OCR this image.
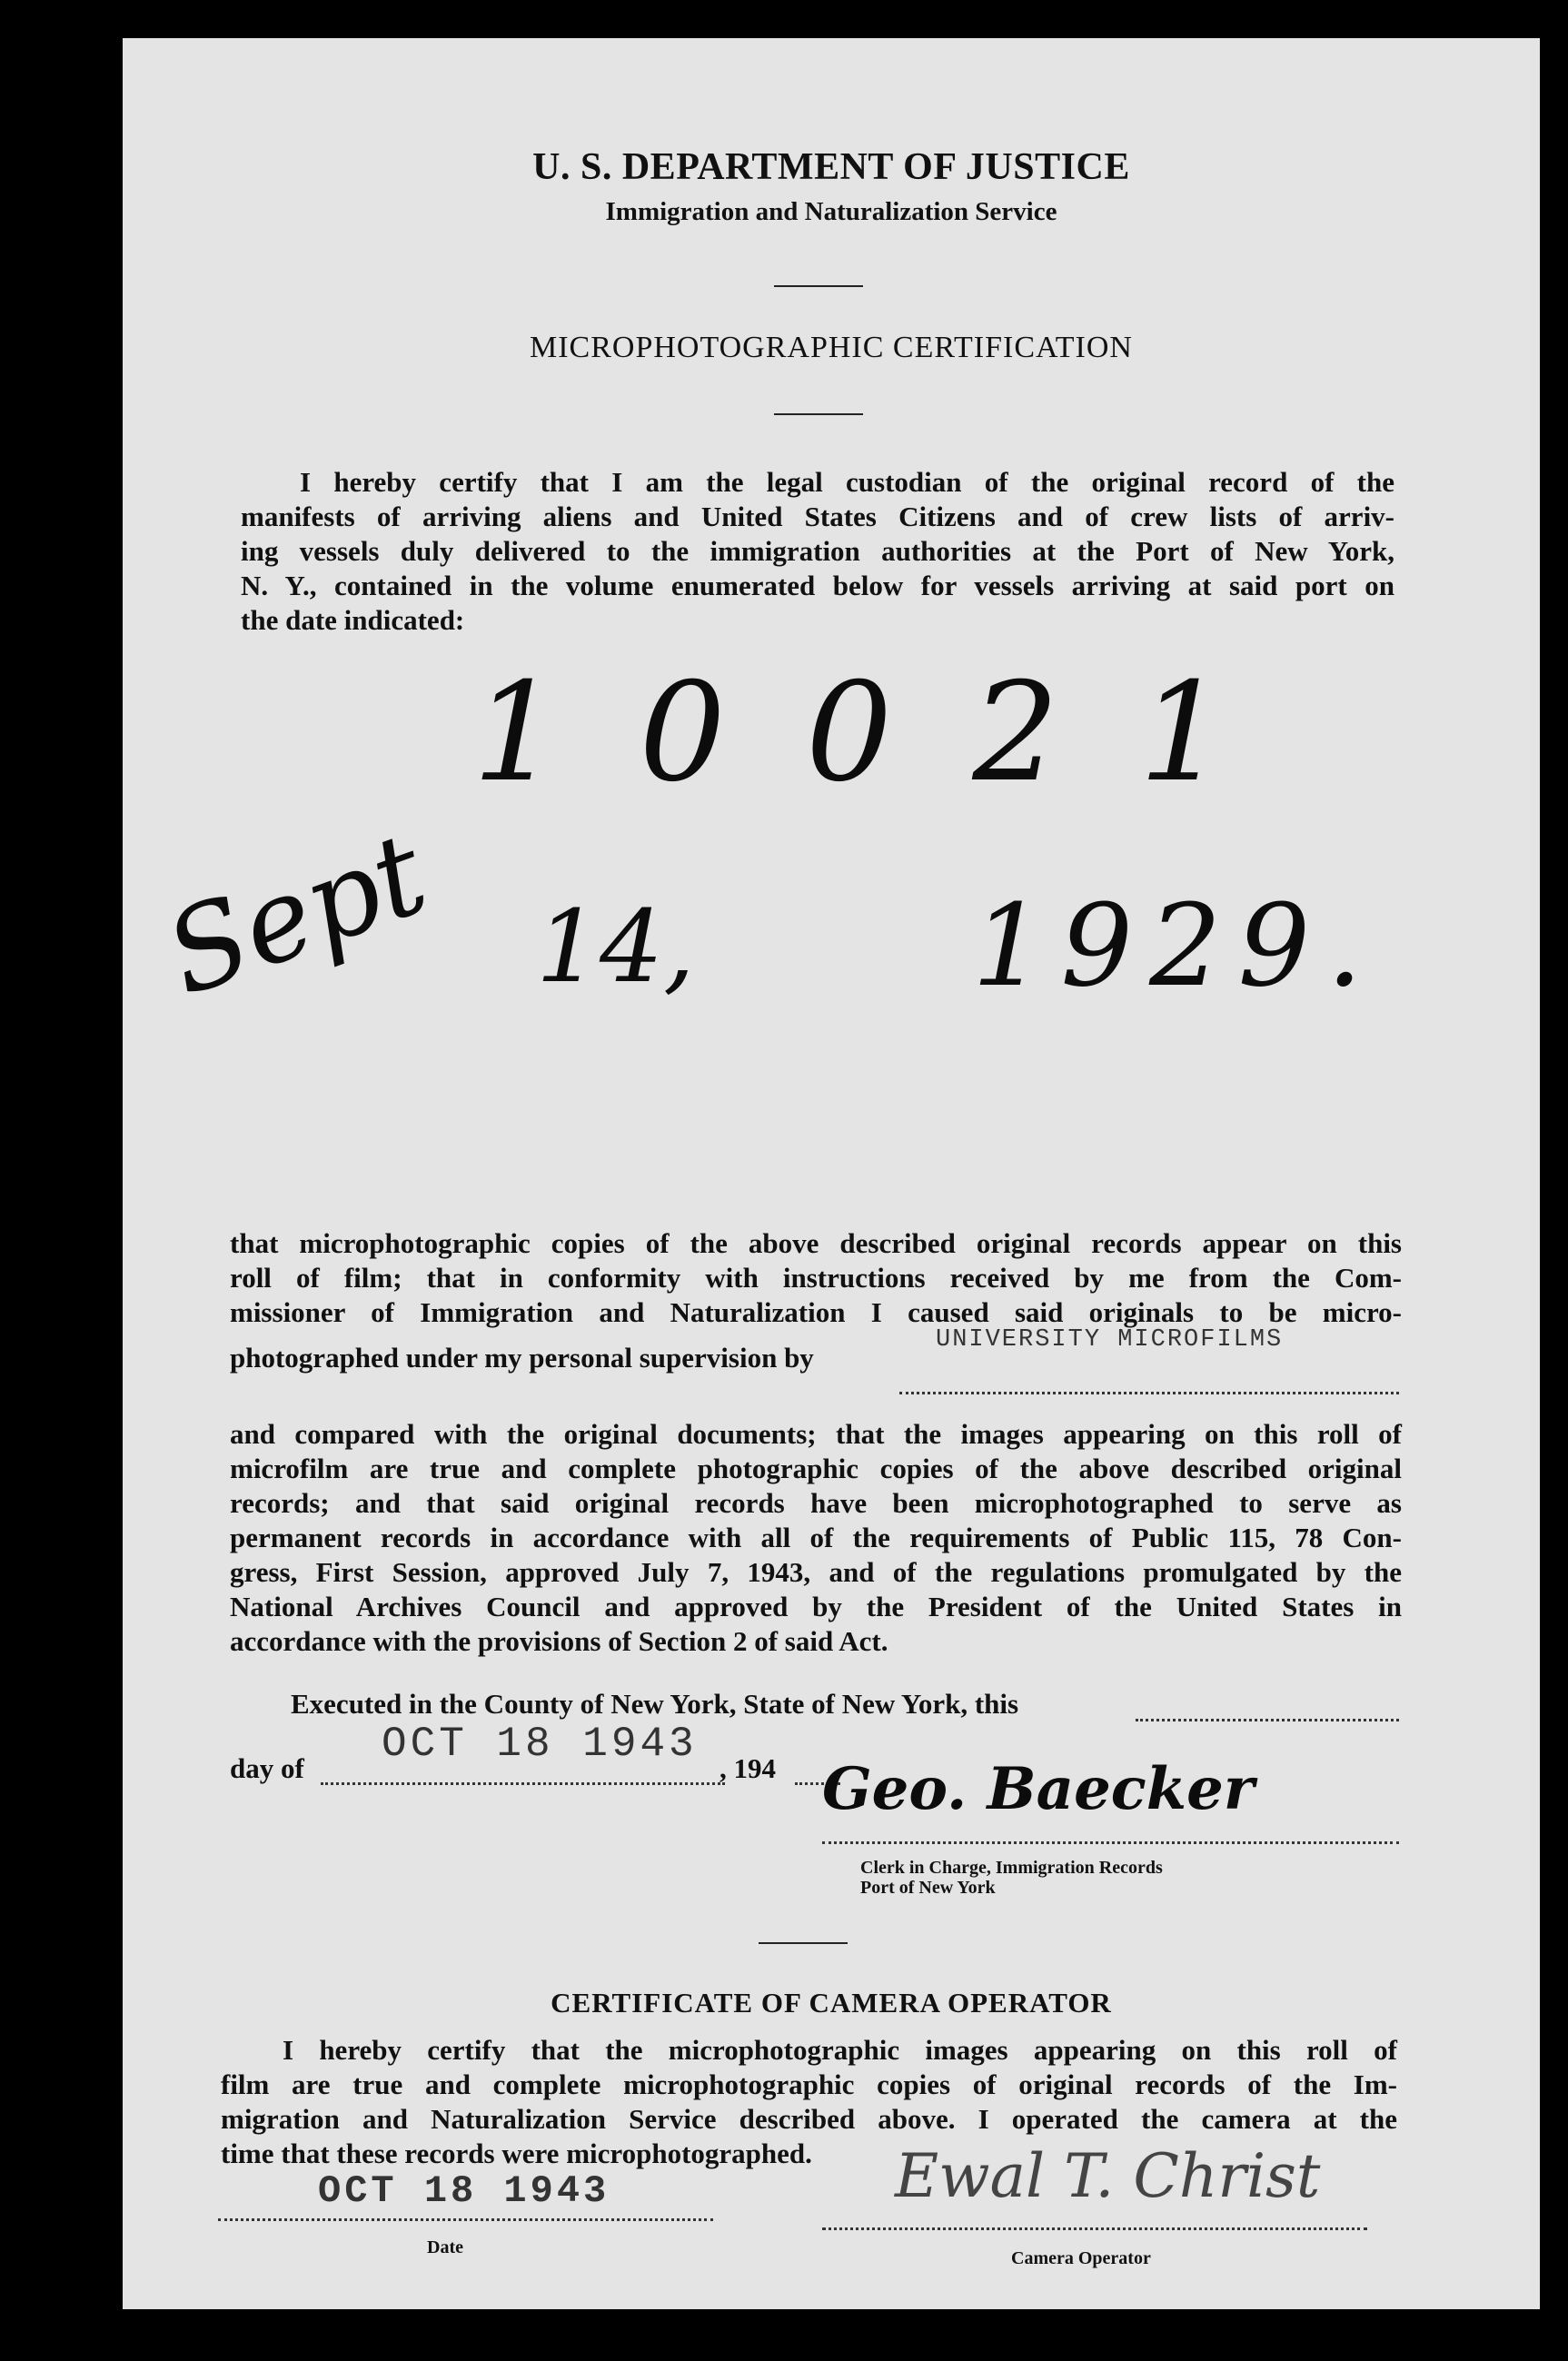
U. S. DEPARTMENT OF JUSTICE
Immigration and Naturalization Service
MICROPHOTOGRAPHIC CERTIFICATION
I hereby certify that I am the legal custodian of the original record of the
manifests of arriving aliens and United States Citizens and of crew lists of arriv-
ing vessels duly delivered to the immigration authorities at the Port of New York,
N. Y., contained in the volume enumerated below for vessels arriving at said port on
the date indicated:
10021
Sept 14, 1929.
that microphotographic copies of the above described original records appear on this
roll of film; that in conformity with instructions received by me from the Com-
missioner of Immigration and Naturalization I caused said originals to be micro-
photographed under my personal supervision by
UNIVERSITY MICROFILMS
and compared with the original documents; that the images appearing on this roll of
microfilm are true and complete photographic copies of the above described original
records; and that said original records have been microphotographed to serve as
permanent records in accordance with all of the requirements of Public 115, 78 Con-
gress, First Session, approved July 7, 1943, and of the regulations promulgated by the
National Archives Council and approved by the President of the United States in
accordance with the provisions of Section 2 of said Act.
Executed in the County of New York, State of New York, this
day of
OCT 18 1943
, 194 Geo. Baecker
Clerk in Charge, Immigration Records
Port of New York
CERTIFICATE OF CAMERA OPERATOR
I hereby certify that the microphotographic images appearing on this roll of
film are true and complete microphotographic copies of original records of the Im-
migration and Naturalization Service described above. I operated the camera at the
time that these records were microphotographed.
OCT 18 1943
Date
Ewal T. Christ
Camera Operator
